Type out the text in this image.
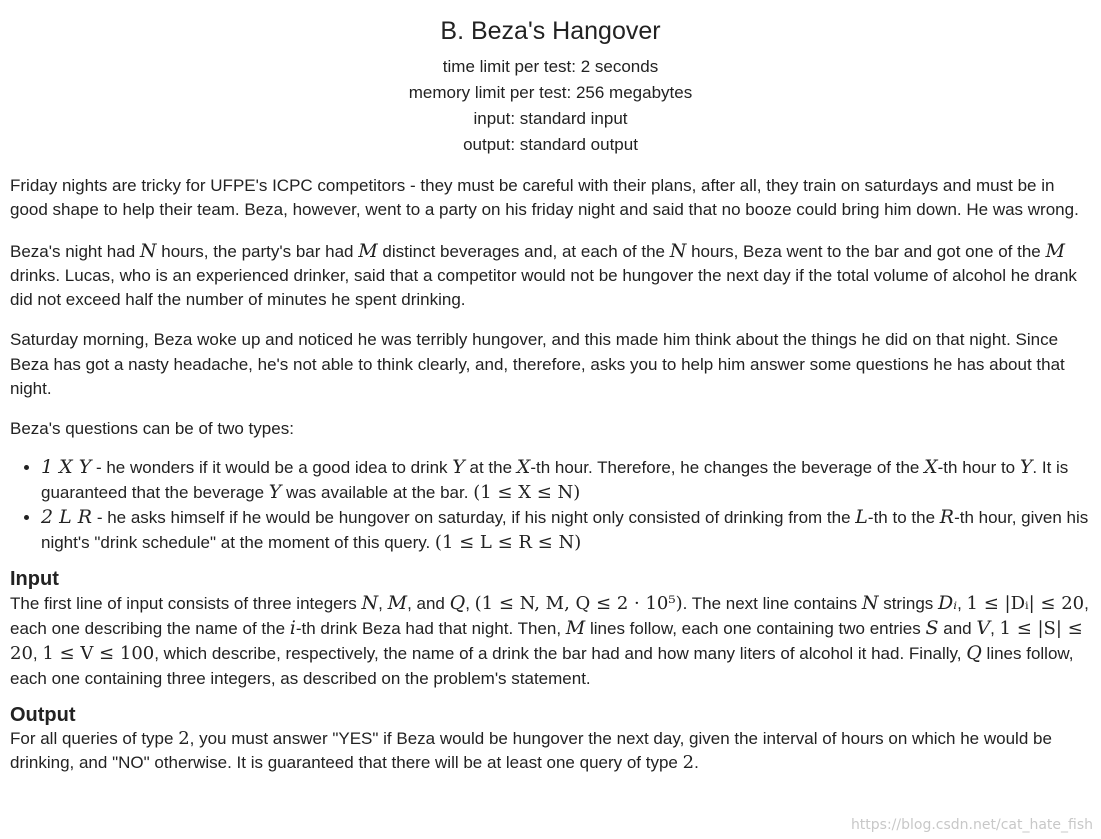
B. Beza's Hangover
time limit per test: 2 seconds
memory limit per test: 256 megabytes
input: standard input
output: standard output

Friday nights are tricky for UFPE's ICPC competitors - they must be careful with their plans, after all, they train on saturdays and must be in good shape to help their team. Beza, however, went to a party on his friday night and said that no booze could bring him down. He was wrong.

Beza's night had N hours, the party's bar had M distinct beverages and, at each of the N hours, Beza went to the bar and got one of the M drinks. Lucas, who is an experienced drinker, said that a competitor would not be hungover the next day if the total volume of alcohol he drank did not exceed half the number of minutes he spent drinking.

Saturday morning, Beza woke up and noticed he was terribly hungover, and this made him think about the things he did on that night. Since Beza has got a nasty headache, he's not able to think clearly, and, therefore, asks you to help him answer some questions he has about that night.

Beza's questions can be of two types:

• 1 X Y - he wonders if it would be a good idea to drink Y at the X-th hour. Therefore, he changes the beverage of the X-th hour to Y. It is guaranteed that the beverage Y was available at the bar. (1 ≤ X ≤ N)
• 2 L R - he asks himself if he would be hungover on saturday, if his night only consisted of drinking from the L-th to the R-th hour, given his night's "drink schedule" at the moment of this query. (1 ≤ L ≤ R ≤ N)
Input

The first line of input consists of three integers N, M, and Q, (1 ≤ N, M, Q ≤ 2 · 10⁵). The next line contains N strings Dᵢ, 1 ≤ |Dᵢ| ≤ 20, each one describing the name of the i-th drink Beza had that night. Then, M lines follow, each one containing two entries S and V, 1 ≤ |S| ≤ 20, 1 ≤ V ≤ 100, which describe, respectively, the name of a drink the bar had and how many liters of alcohol it had. Finally, Q lines follow, each one containing three integers, as described on the problem's statement.

Output

For all queries of type 2, you must answer "YES" if Beza would be hungover the next day, given the interval of hours on which he would be drinking, and "NO" otherwise. It is guaranteed that there will be at least one query of type 2.

https://blog.csdn.net/cat_hate_fish
